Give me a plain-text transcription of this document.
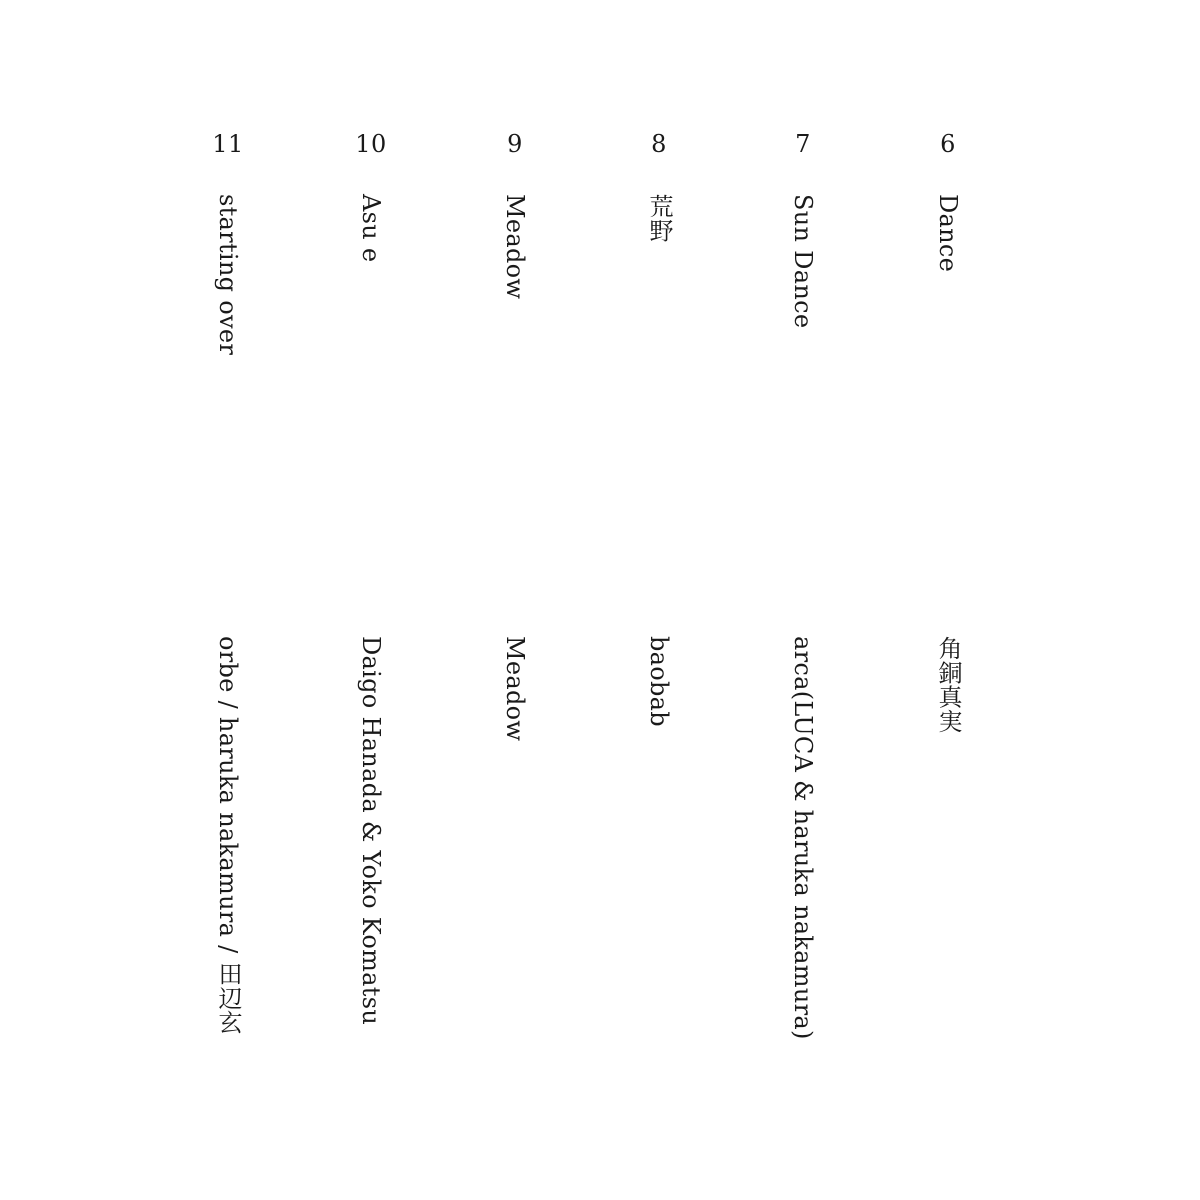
11
starting over
orbe / haruka nakamura / 田辺玄
10
Asu e
Daigo Hanada & Yoko Komatsu
9
Meadow
Meadow
8
荒野
baobab
7
Sun Dance
arca(LUCA & haruka nakamura)
6
Dance
角銅真実
